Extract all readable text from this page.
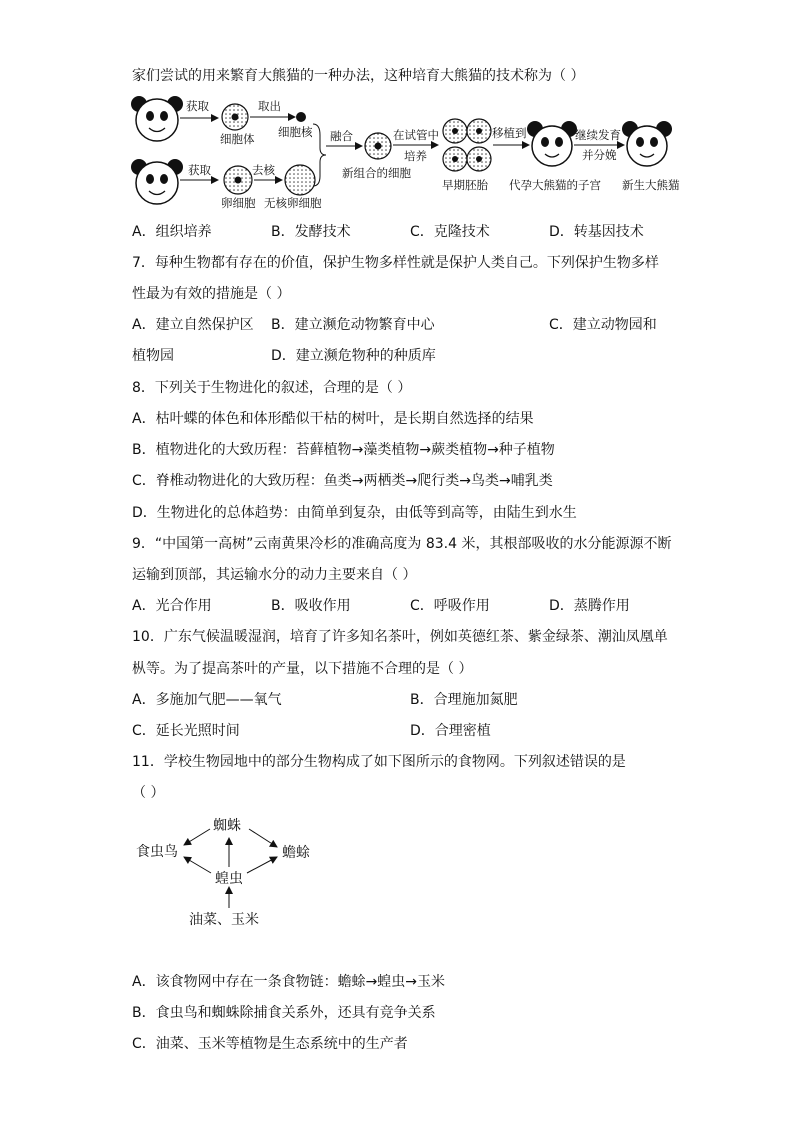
家们尝试的用来繁育大熊猫的一种办法，这种培育大熊猫的技术称为（ ）
获取
细胞体
取出
细胞核
获取
卵细胞
去核
无核卵细胞
融合
新组合的细胞
在试管中
培养
早期胚胎
移植到
代孕大熊猫的子宫
继续发育
并分娩
新生大熊猫
A．组织培养	B．发酵技术	C．克隆技术	D．转基因技术
7．每种生物都有存在的价值，保护生物多样性就是保护人类自己。下列保护生物多样
性最为有效的措施是（ ）
A．建立自然保护区 B．建立濒危动物繁育中心	C．建立动物园和
植物园	D．建立濒危物种的种质库
8．下列关于生物进化的叙述，合理的是（ ）
A．枯叶蝶的体色和体形酷似干枯的树叶，是长期自然选择的结果
B．植物进化的大致历程：苔藓植物→藻类植物→蕨类植物→种子植物
C．脊椎动物进化的大致历程：鱼类→两栖类→爬行类→鸟类→哺乳类
D．生物进化的总体趋势：由简单到复杂，由低等到高等，由陆生到水生
9．“中国第一高树”云南黄果冷杉的准确高度为 83.4 米，其根部吸收的水分能源源不断
运输到顶部，其运输水分的动力主要来自（ ）
A．光合作用	B．吸收作用	C．呼吸作用	D．蒸腾作用
10．广东气候温暖湿润，培育了许多知名茶叶，例如英德红茶、紫金绿茶、潮汕凤凰单
枞等。为了提高茶叶的产量，以下措施不合理的是（ ）
A．多施加气肥——氧气	B．合理施加氮肥
C．延长光照时间	D．合理密植
11．学校生物园地中的部分生物构成了如下图所示的食物网。下列叙述错误的是
（ ）
蜘蛛
食虫鸟	蟾蜍
蝗虫
油菜、玉米
A．该食物网中存在一条食物链：蟾蜍→蝗虫→玉米
B．食虫鸟和蜘蛛除捕食关系外，还具有竞争关系
C．油菜、玉米等植物是生态系统中的生产者
